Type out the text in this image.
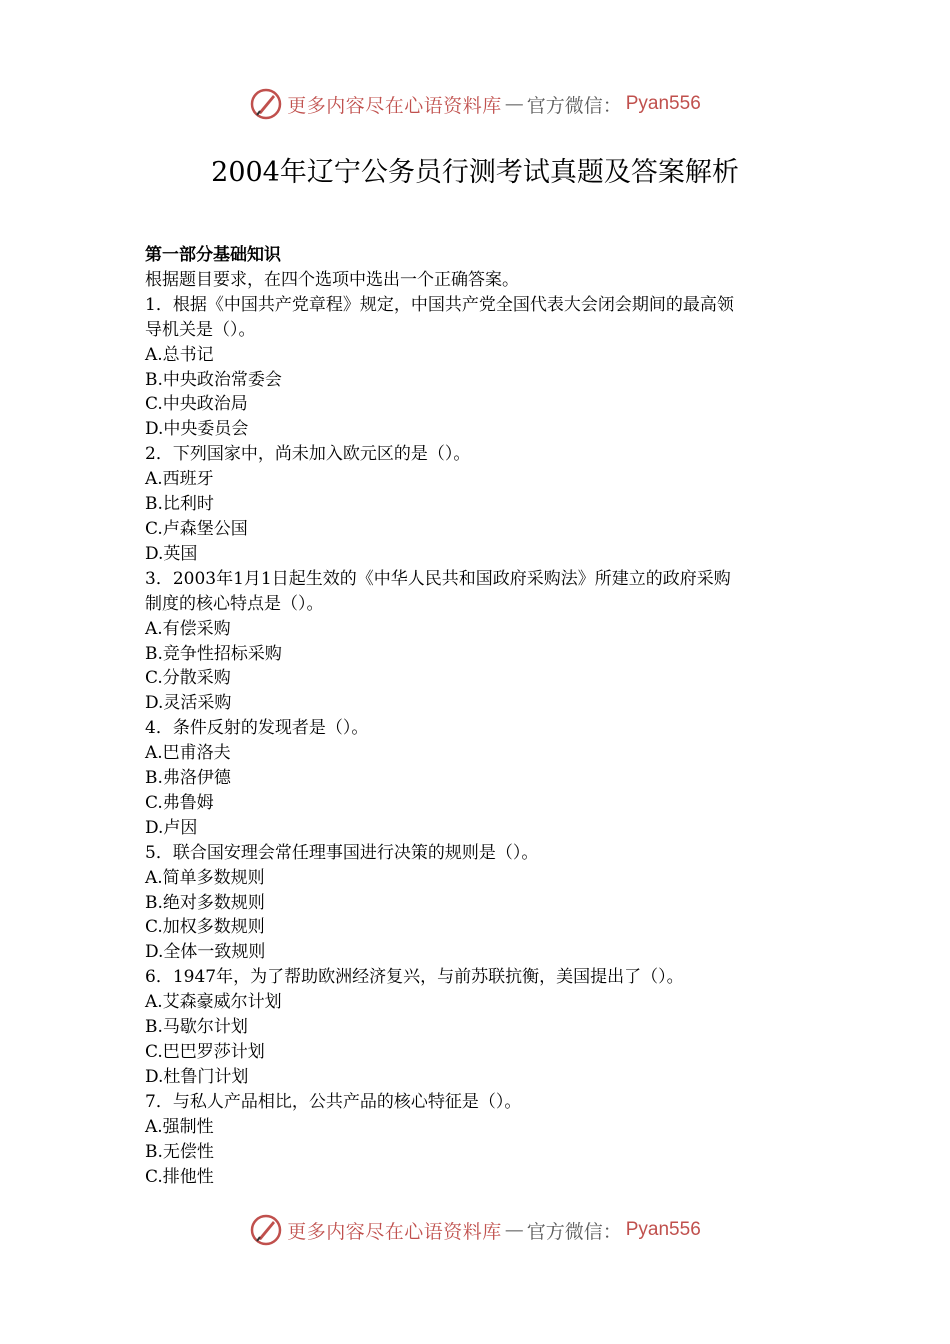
更多内容尽在心语资料库 — 官方微信： Pyan556
2004年辽宁公务员行测考试真题及答案解析
第一部分基础知识
根据题目要求，在四个选项中选出一个正确答案。
1．根据《中国共产党章程》规定，中国共产党全国代表大会闭会期间的最高领
导机关是（）。
A.总书记
B.中央政治常委会
C.中央政治局
D.中央委员会
2．下列国家中，尚未加入欧元区的是（）。
A.西班牙
B.比利时
C.卢森堡公国
D.英国
3．2003年1月1日起生效的《中华人民共和国政府采购法》所建立的政府采购
制度的核心特点是（）。
A.有偿采购
B.竞争性招标采购
C.分散采购
D.灵活采购
4．条件反射的发现者是（）。
A.巴甫洛夫
B.弗洛伊德
C.弗鲁姆
D.卢因
5．联合国安理会常任理事国进行决策的规则是（）。
A.简单多数规则
B.绝对多数规则
C.加权多数规则
D.全体一致规则
6．1947年，为了帮助欧洲经济复兴，与前苏联抗衡，美国提出了（）。
A.艾森豪威尔计划
B.马歇尔计划
C.巴巴罗莎计划
D.杜鲁门计划
7．与私人产品相比，公共产品的核心特征是（）。
A.强制性
B.无偿性
C.排他性
更多内容尽在心语资料库 — 官方微信： Pyan556
